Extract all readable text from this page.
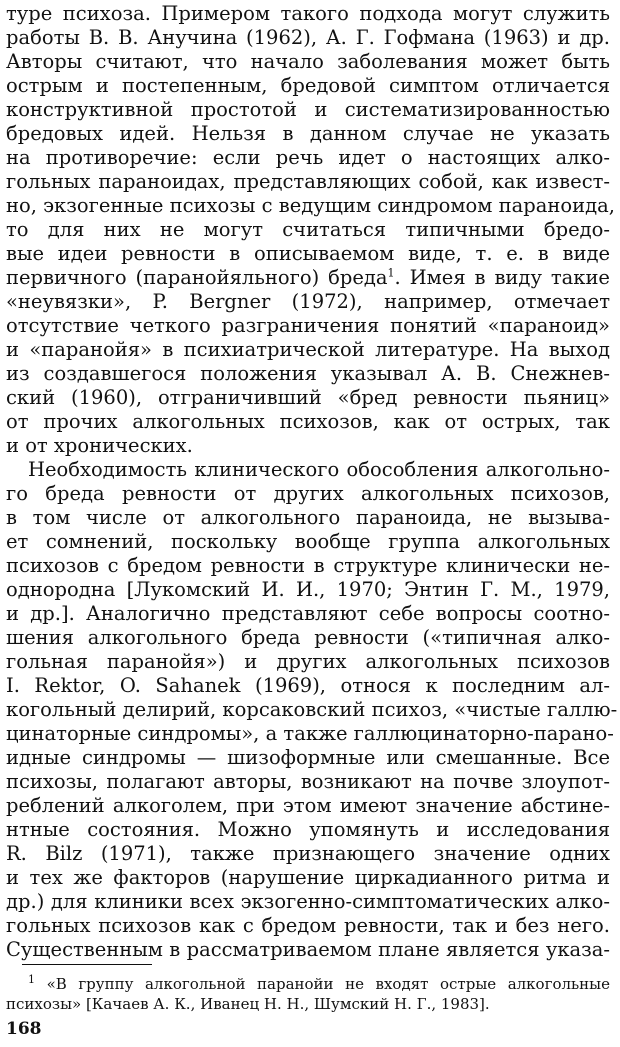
туре психоза. Примером такого подхода могут служить
работы В. В. Анучина (1962), А. Г. Гофмана (1963) и др.
Авторы считают, что начало заболевания может быть
острым и постепенным, бредовой симптом отличается
конструктивной простотой и систематизированностью
бредовых идей. Нельзя в данном случае не указать
на противоречие: если речь идет о настоящих алко-
гольных параноидах, представляющих собой, как извест-
но, экзогенные психозы с ведущим синдромом параноида,
то для них не могут считаться типичными бредо-
вые идеи ревности в описываемом виде, т. е. в виде
первичного (паранойяльного) бреда$^1$. Имея в виду такие
«неувязки», P. Bergner (1972), например, отмечает
отсутствие четкого разграничения понятий «параноид»
и «паранойя» в психиатрической литературе. На выход
из создавшегося положения указывал А. В. Снежнев-
ский (1960), отграничивший «бред ревности пьяниц»
от прочих алкогольных психозов, как от острых, так
и от хронических.
Необходимость клинического обособления алкогольно-
го бреда ревности от других алкогольных психозов,
в том числе от алкогольного параноида, не вызыва-
ет сомнений, поскольку вообще группа алкогольных
психозов с бредом ревности в структуре клинически не-
однородна [Лукомский И. И., 1970; Энтин Г. М., 1979,
и др.]. Аналогично представляют себе вопросы соотно-
шения алкогольного бреда ревности («типичная алко-
гольная паранойя») и других алкогольных психозов
I. Rektor, O. Sahanek (1969), относя к последним ал-
когольный делирий, корсаковский психоз, «чистые галлю-
цинаторные синдромы», а также галлюцинаторно-парано-
идные синдромы — шизоформные или смешанные. Все
психозы, полагают авторы, возникают на почве злоупот-
реблений алкоголем, при этом имеют значение абстине-
нтные состояния. Можно упомянуть и исследования
R. Bilz (1971), также признающего значение одних
и тех же факторов (нарушение циркадианного ритма и
др.) для клиники всех экзогенно-симптоматических алко-
гольных психозов как с бредом ревности, так и без него.
Существенным в рассматриваемом плане является указа-
$^1$ «В группу алкогольной паранойи не входят острые алкогольные
психозы» [Качаев А. К., Иванец Н. Н., Шумский Н. Г., 1983].
168
